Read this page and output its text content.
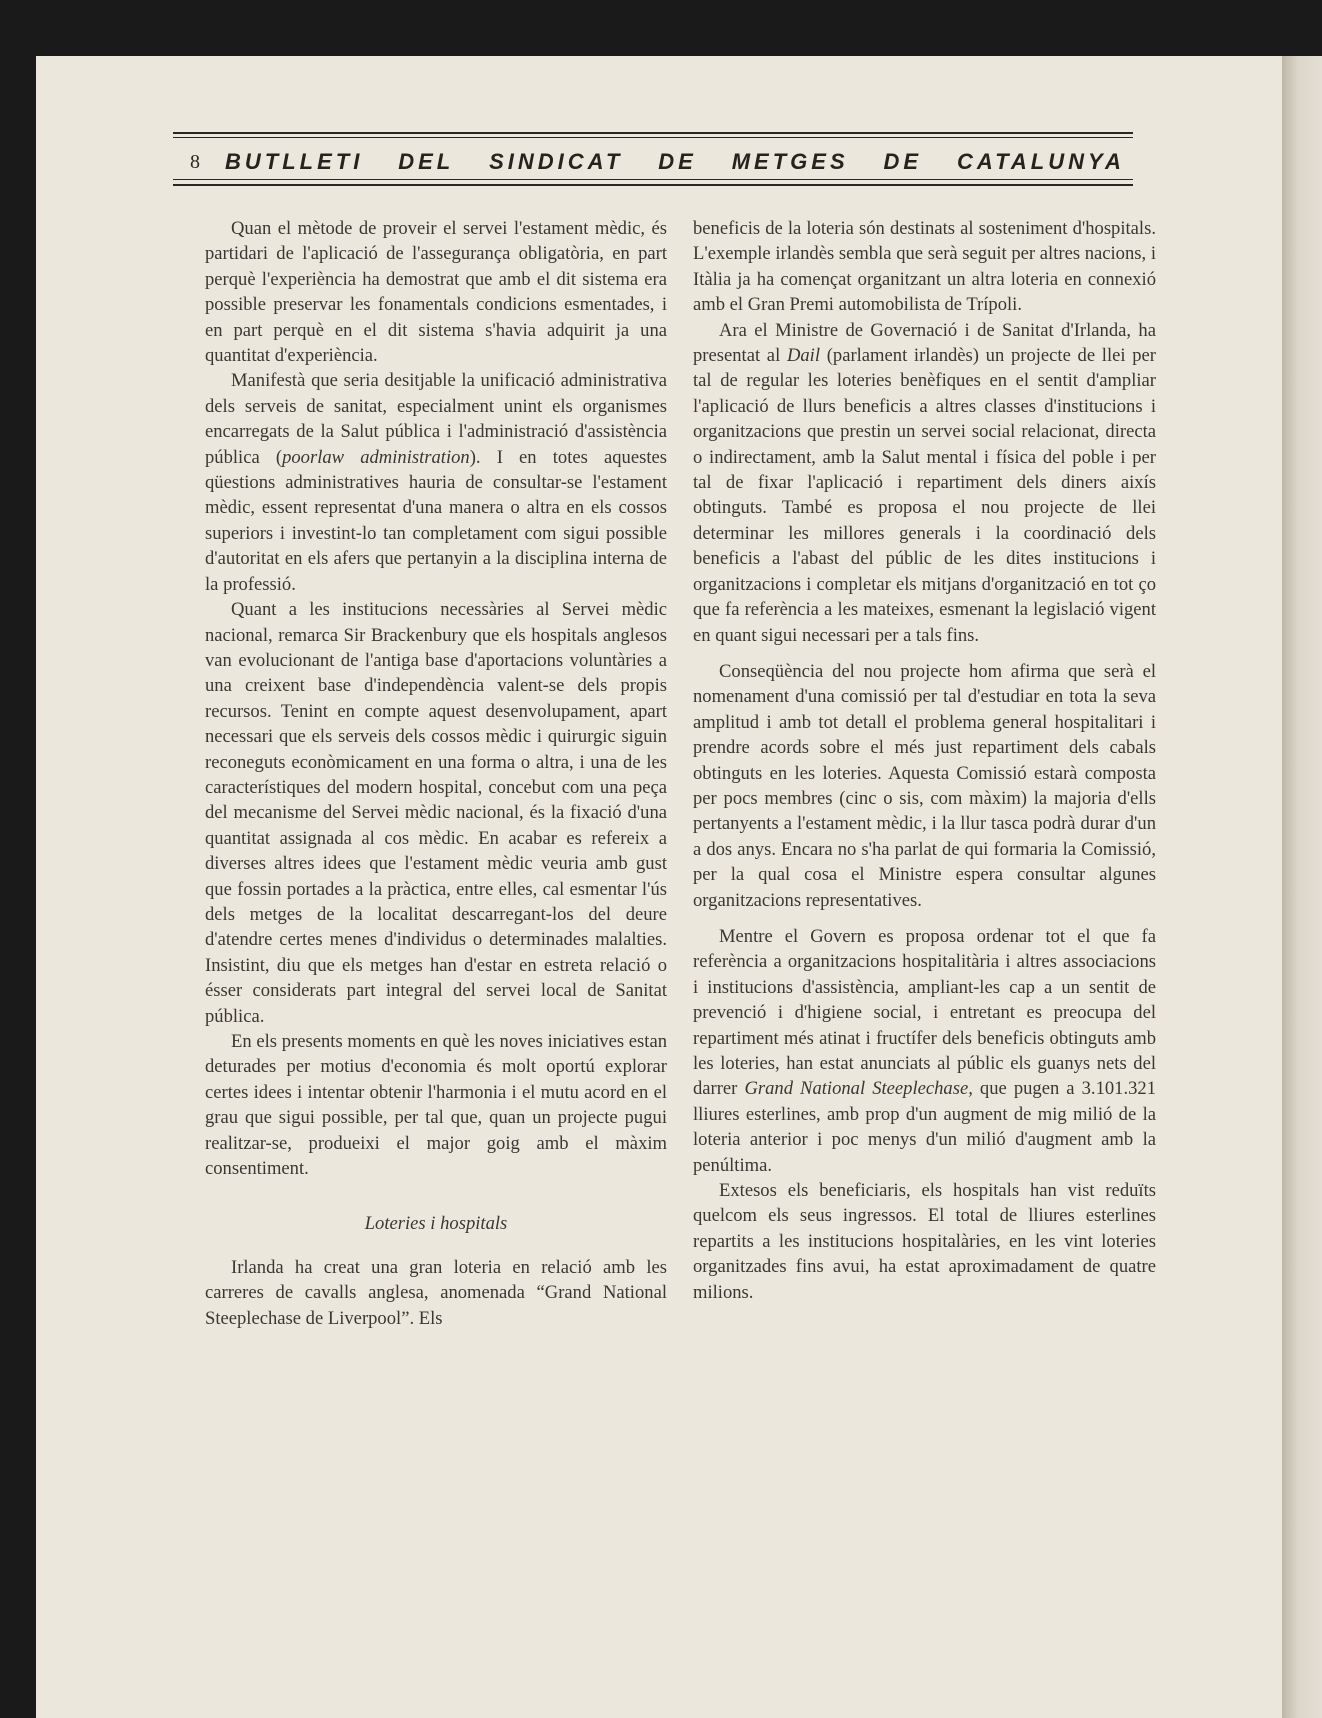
8	BUTLLETI DEL SINDICAT DE METGES DE CATALUNYA

Quan el mètode de proveir el servei l'estament mèdic, és partidari de l'aplicació de l'assegurança obligatòria, en part perquè l'experiència ha demostrat que amb el dit sistema era possible preservar les fonamentals condicions esmentades, i en part perquè en el dit sistema s'havia adquirit ja una quantitat d'experiència.

Manifestà que seria desitjable la unificació administrativa dels serveis de sanitat, especialment unint els organismes encarregats de la Salut pública i l'administració d'assistència pública (poorlaw administration). I en totes aquestes qüestions administratives hauria de consultar-se l'estament mèdic, essent representat d'una manera o altra en els cossos superiors i investint-lo tan completament com sigui possible d'autoritat en els afers que pertanyin a la disciplina interna de la professió.

Quant a les institucions necessàries al Servei mèdic nacional, remarca Sir Brackenbury que els hospitals anglesos van evolucionant de l'antiga base d'aportacions voluntàries a una creixent base d'independència valent-se dels propis recursos. Tenint en compte aquest desenvolupament, apart necessari que els serveis dels cossos mèdic i quirurgic siguin reconeguts econòmicament en una forma o altra, i una de les característiques del modern hospital, concebut com una peça del mecanisme del Servei mèdic nacional, és la fixació d'una quantitat assignada al cos mèdic. En acabar es refereix a diverses altres idees que l'estament mèdic veuria amb gust que fossin portades a la pràctica, entre elles, cal esmentar l'ús dels metges de la localitat descarregant-los del deure d'atendre certes menes d'individus o determinades malalties. Insistint, diu que els metges han d'estar en estreta relació o ésser considerats part integral del servei local de Sanitat pública.

En els presents moments en què les noves iniciatives estan deturades per motius d'economia és molt oportú explorar certes idees i intentar obtenir l'harmonia i el mutu acord en el grau que sigui possible, per tal que, quan un projecte pugui realitzar-se, produeixi el major goig amb el màxim consentiment.

Loteries i hospitals

Irlanda ha creat una gran loteria en relació amb les carreres de cavalls anglesa, anomenada “Grand National Steeplechase de Liverpool”. Els

beneficis de la loteria són destinats al sosteniment d'hospitals. L'exemple irlandès sembla que serà seguit per altres nacions, i Itàlia ja ha començat organitzant un altra loteria en connexió amb el Gran Premi automobilista de Trípoli.

Ara el Ministre de Governació i de Sanitat d'Irlanda, ha presentat al Dail (parlament irlandès) un projecte de llei per tal de regular les loteries benèfiques en el sentit d'ampliar l'aplicació de llurs beneficis a altres classes d'institucions i organitzacions que prestin un servei social relacionat, directa o indirectament, amb la Salut mental i física del poble i per tal de fixar l'aplicació i repartiment dels diners aixís obtinguts. També es proposa el nou projecte de llei determinar les millores generals i la coordinació dels beneficis a l'abast del públic de les dites institucions i organitzacions i completar els mitjans d'organització en tot ço que fa referència a les mateixes, esmenant la legislació vigent en quant sigui necessari per a tals fins.

Conseqüència del nou projecte hom afirma que serà el nomenament d'una comissió per tal d'estudiar en tota la seva amplitud i amb tot detall el problema general hospitalitari i prendre acords sobre el més just repartiment dels cabals obtinguts en les loteries. Aquesta Comissió estarà composta per pocs membres (cinc o sis, com màxim) la majoria d'ells pertanyents a l'estament mèdic, i la llur tasca podrà durar d'un a dos anys. Encara no s'ha parlat de qui formaria la Comissió, per la qual cosa el Ministre espera consultar algunes organitzacions representatives.

Mentre el Govern es proposa ordenar tot el que fa referència a organitzacions hospitalitària i altres associacions i institucions d'assistència, ampliant-les cap a un sentit de prevenció i d'higiene social, i entretant es preocupa del repartiment més atinat i fructífer dels beneficis obtinguts amb les loteries, han estat anunciats al públic els guanys nets del darrer Grand National Steeplechase, que pugen a 3.101.321 lliures esterlines, amb prop d'un augment de mig milió de la loteria anterior i poc menys d'un milió d'augment amb la penúltima.

Extesos els beneficiaris, els hospitals han vist reduïts quelcom els seus ingressos. El total de lliures esterlines repartits a les institucions hospitalàries, en les vint loteries organitzades fins avui, ha estat aproximadament de quatre milions.
